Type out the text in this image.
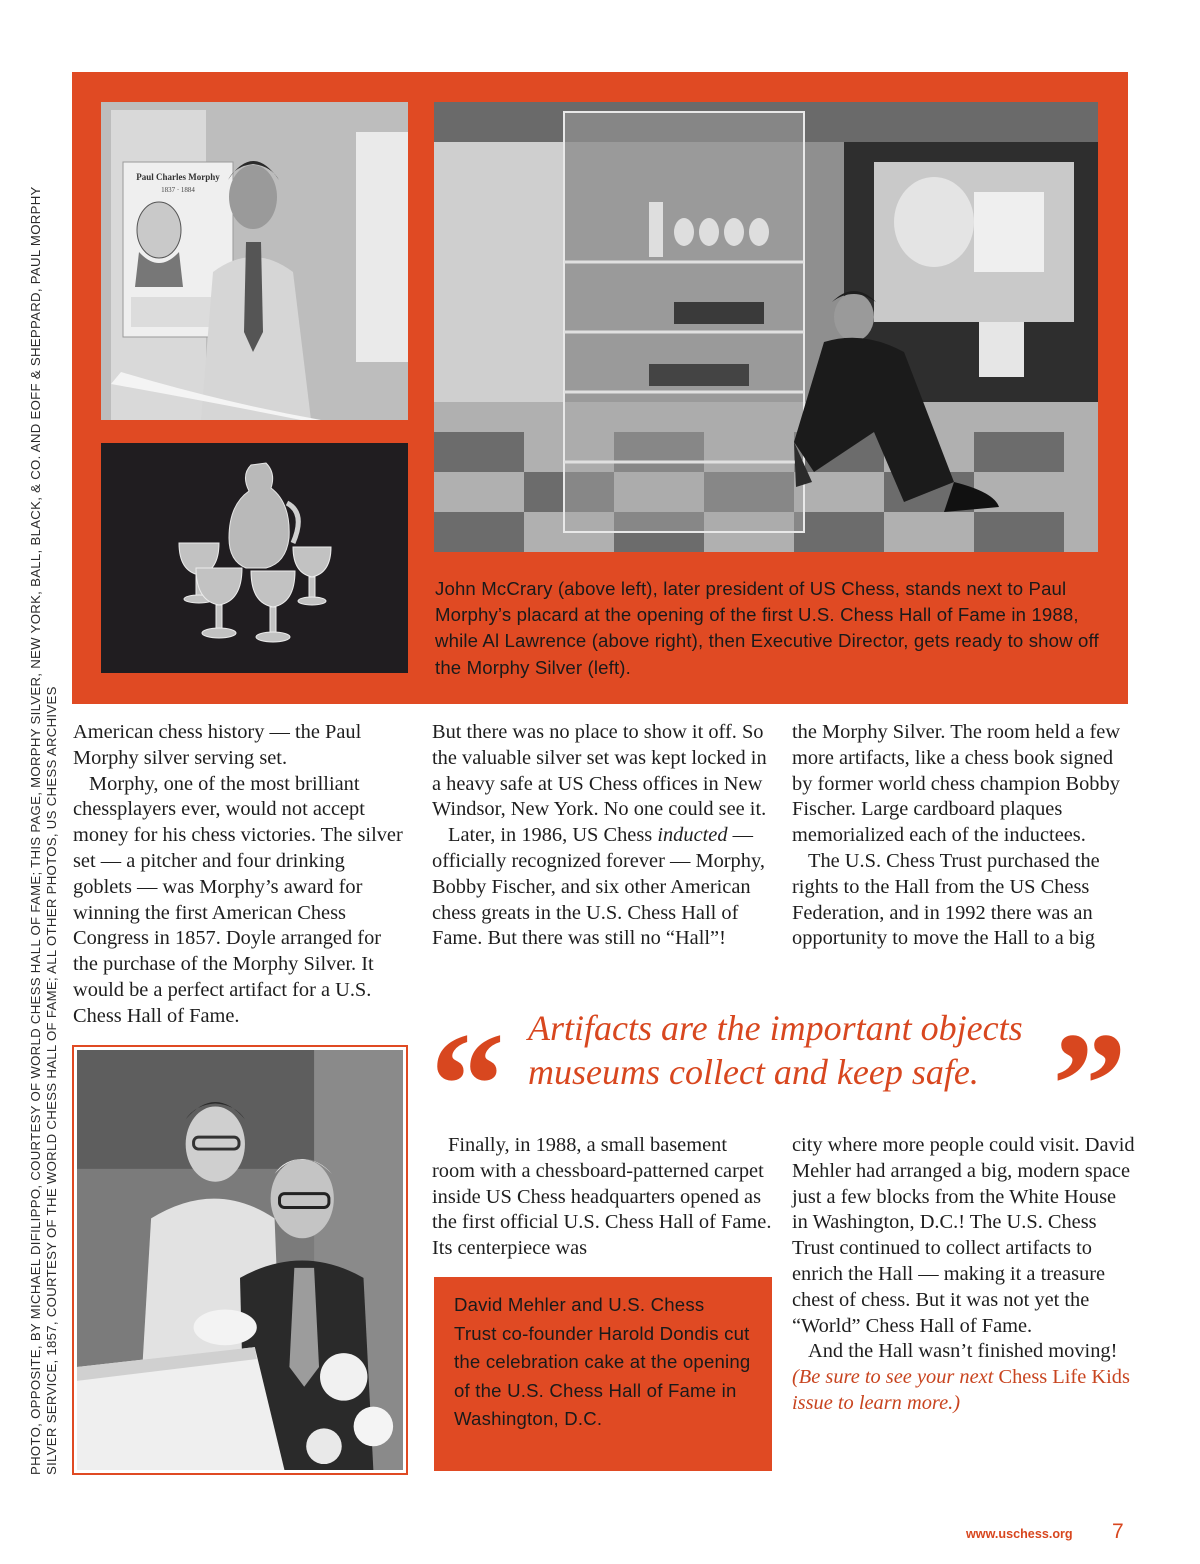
PHOTO, OPPOSITE, BY MICHAEL DIFILIPPO, COURTESY OF WORLD CHESS HALL OF FAME; THIS PAGE, MORPHY SILVER, NEW YORK, BALL, BLACK, & CO. AND EOFF & SHEPPARD, PAUL MORPHY SILVER SERVICE, 1857, COURTESY OF THE WORLD CHESS HALL OF FAME; ALL OTHER PHOTOS, US CHESS ARCHIVES
Paul Charles Morphy
1837 · 1884
John McCrary (above left), later president of US Chess, stands next to Paul Morphy’s placard at the opening of the first U.S. Chess Hall of Fame in 1988, while Al Lawrence (above right), then Executive Director, gets ready to show off the Morphy Silver (left).

American chess history — the Paul Morphy silver serving set.

Morphy, one of the most brilliant chessplayers ever, would not accept money for his chess victories. The silver set — a pitcher and four drinking goblets — was Morphy’s award for winning the first American Chess Congress in 1857. Doyle arranged for the purchase of the Morphy Silver. It would be a perfect artifact for a U.S. Chess Hall of Fame.

But there was no place to show it off. So the valuable silver set was kept locked in a heavy safe at US Chess offices in New Windsor, New York. No one could see it.

Later, in 1986, US Chess inducted — officially recognized forever — Morphy, Bobby Fischer, and six other American chess greats in the U.S. Chess Hall of Fame. But there was still no “Hall”!

the Morphy Silver. The room held a few more artifacts, like a chess book signed by former world chess champion Bobby Fischer. Large cardboard plaques memorialized each of the inductees.

The U.S. Chess Trust purchased the rights to the Hall from the US Chess Federation, and in 1992 there was an opportunity to move the Hall to a big

“ Artifacts are the important objects museums collect and keep safe. ”

Finally, in 1988, a small basement room with a chessboard-patterned carpet inside US Chess headquarters opened as the first official U.S. Chess Hall of Fame. Its centerpiece was

David Mehler and U.S. Chess Trust co-founder Harold Dondis cut the celebration cake at the opening of the U.S. Chess Hall of Fame in Washington, D.C.

city where more people could visit. David Mehler had arranged a big, modern space just a few blocks from the White House in Washington, D.C.! The U.S. Chess Trust continued to collect artifacts to enrich the Hall — making it a treasure chest of chess. But it was not yet the “World” Chess Hall of Fame.

And the Hall wasn’t finished moving!

(Be sure to see your next Chess Life Kids issue to learn more.)

www.uschess.org 7
